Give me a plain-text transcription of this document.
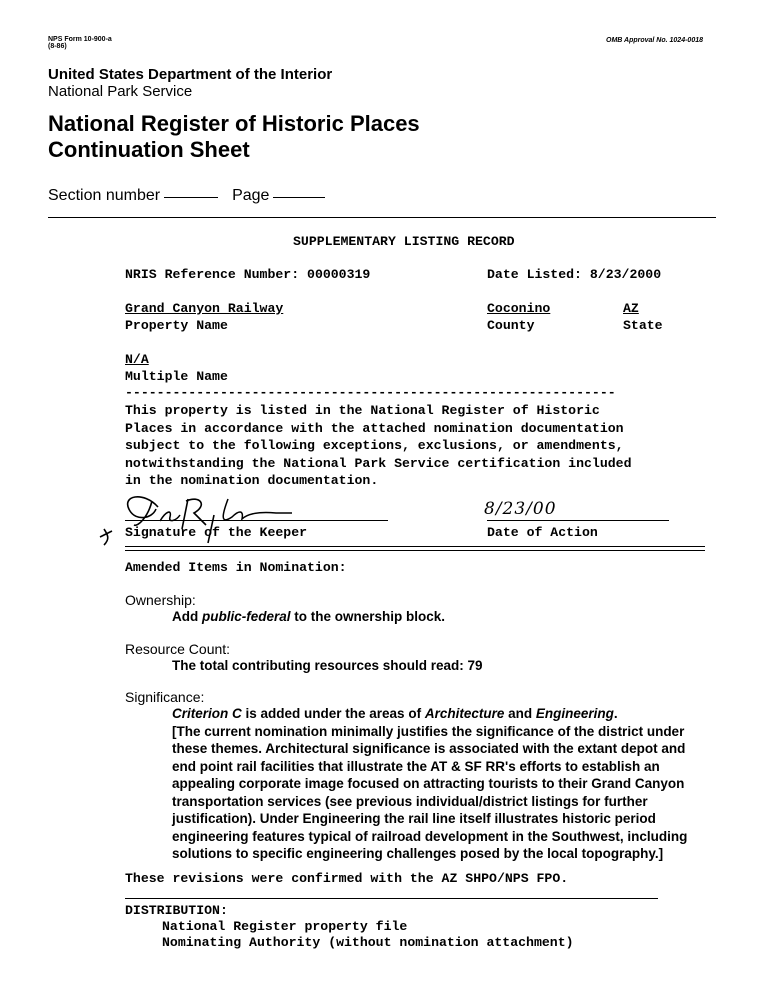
NPS Form 10-900-a
(8-86)
OMB Approval No. 1024-0018
United States Department of the Interior
National Park Service
National Register of Historic Places
Continuation Sheet
Section number	Page
SUPPLEMENTARY LISTING RECORD
NRIS Reference Number: 00000319	Date Listed: 8/23/2000
Grand Canyon Railway
Property Name
Coconino
County
AZ
State
N/A
Multiple Name
--------------------------------------------------------------
This property is listed in the National Register of Historic
Places in accordance with the attached nomination documentation
subject to the following exceptions, exclusions, or amendments,
notwithstanding the National Park Service certification included
in the nomination documentation.
Signature of the Keeper
8/23/00
Date of Action
Amended Items in Nomination:
Ownership:
Add public-federal to the ownership block.
Resource Count:
The total contributing resources should read: 79
Significance:
Criterion C is added under the areas of Architecture and Engineering.
[The current nomination minimally justifies the significance of the district under
these themes. Architectural significance is associated with the extant depot and
end point rail facilities that illustrate the AT & SF RR's efforts to establish an
appealing corporate image focused on attracting tourists to their Grand Canyon
transportation services (see previous individual/district listings for further
justification). Under Engineering the rail line itself illustrates historic period
engineering features typical of railroad development in the Southwest, including
solutions to specific engineering challenges posed by the local topography.]
These revisions were confirmed with the AZ SHPO/NPS FPO.
DISTRIBUTION:
National Register property file
Nominating Authority (without nomination attachment)
